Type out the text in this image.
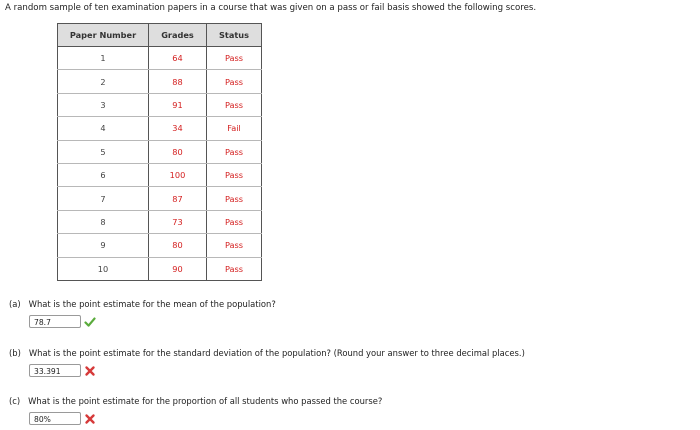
A random sample of ten examination papers in a course that was given on a pass or fail basis showed the following scores.
Paper Number	Grades	Status
1	64	Pass
2	88	Pass
3	91	Pass
4	34	Fail
5	80	Pass
6	100	Pass
7	87	Pass
8	73	Pass
9	80	Pass
10	90	Pass
(a) What is the point estimate for the mean of the population?
78.7
(b) What is the point estimate for the standard deviation of the population? (Round your answer to three decimal places.)
33.391
(c) What is the point estimate for the proportion of all students who passed the course?
80%
